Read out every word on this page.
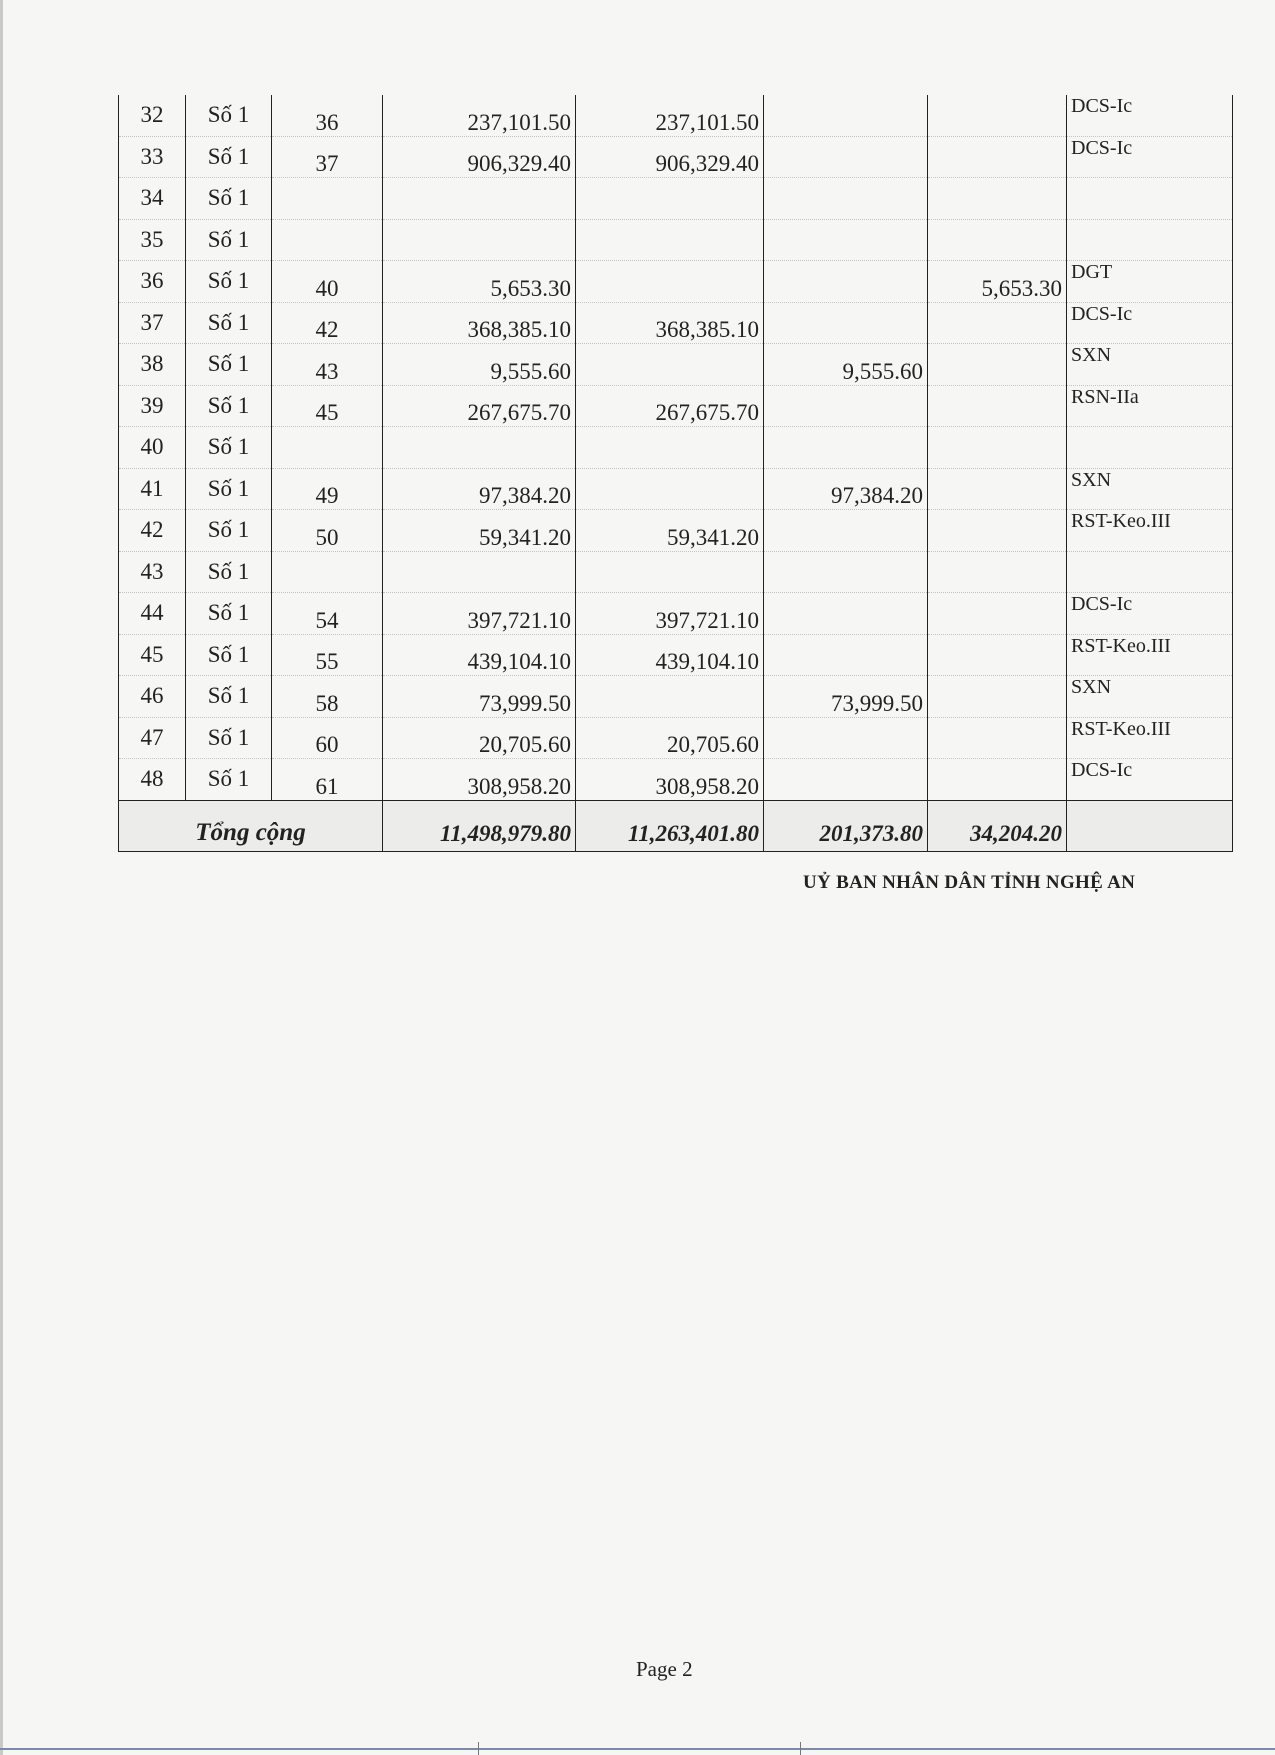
32	Số 1	36	237,101.50	237,101.50			DCS-Ic
33	Số 1	37	906,329.40	906,329.40			DCS-Ic
34	Số 1						
35	Số 1						
36	Số 1	40	5,653.30			5,653.30	DGT
37	Số 1	42	368,385.10	368,385.10			DCS-Ic
38	Số 1	43	9,555.60		9,555.60		SXN
39	Số 1	45	267,675.70	267,675.70			RSN-IIa
40	Số 1						
41	Số 1	49	97,384.20		97,384.20		SXN
42	Số 1	50	59,341.20	59,341.20			RST-Keo.III
43	Số 1						
44	Số 1	54	397,721.10	397,721.10			DCS-Ic
45	Số 1	55	439,104.10	439,104.10			RST-Keo.III
46	Số 1	58	73,999.50		73,999.50		SXN
47	Số 1	60	20,705.60	20,705.60			RST-Keo.III
48	Số 1	61	308,958.20	308,958.20			DCS-Ic
Tổng cộng			11,498,979.80	11,263,401.80	201,373.80	34,204.20	
UỶ BAN NHÂN DÂN TỈNH NGHỆ AN
Page 2
